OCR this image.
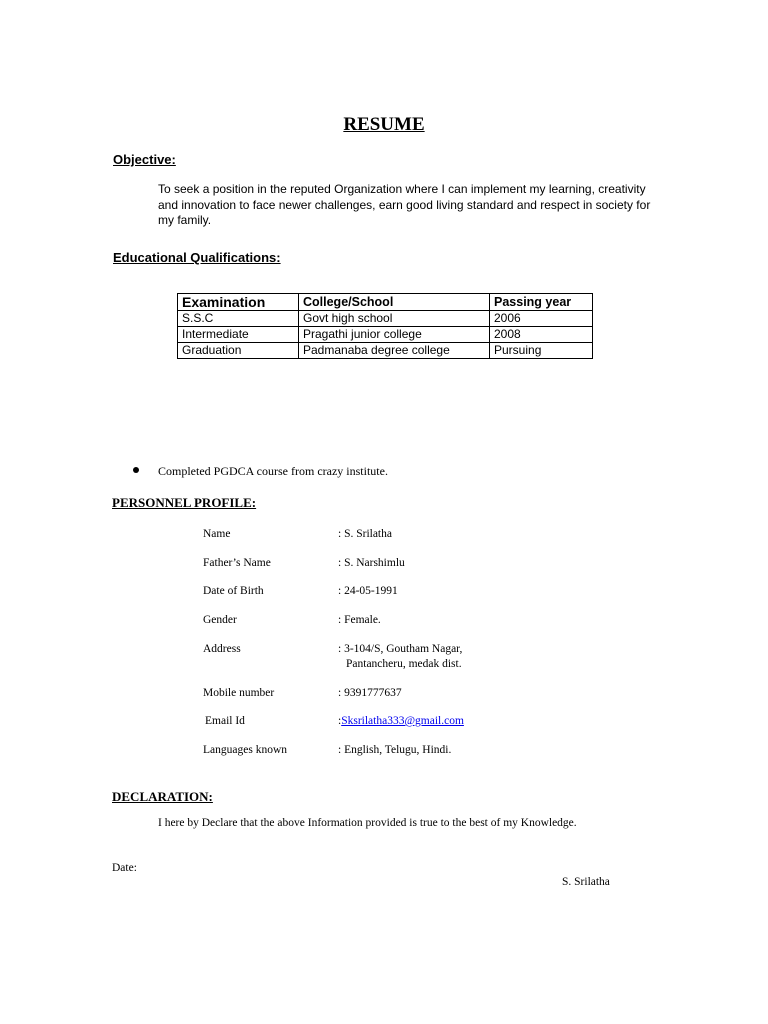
RESUME
Objective:
To seek a position in the reputed Organization where I can implement my learning, creativity and innovation to face newer challenges, earn good living standard and respect in society for my family.
Educational Qualifications:
Examination	College/School	Passing year
S.S.C	Govt high school	2006
Intermediate	Pragathi junior college	2008
Graduation	Padmanaba degree college	Pursuing
Completed PGDCA course from crazy institute.
PERSONNEL PROFILE:
Name	: S. Srilatha
Father’s Name	: S. Narshimlu
Date of Birth	: 24-05-1991
Gender	: Female.
Address	: 3-104/S, Goutham Nagar,
Pantancheru, medak dist.
Mobile number	: 9391777637
Email Id	:Sksrilatha333@gmail.com
Languages known	: English, Telugu, Hindi.
DECLARATION:
I here by Declare that the above Information provided is true to the best of my Knowledge.
Date:
S. Srilatha
